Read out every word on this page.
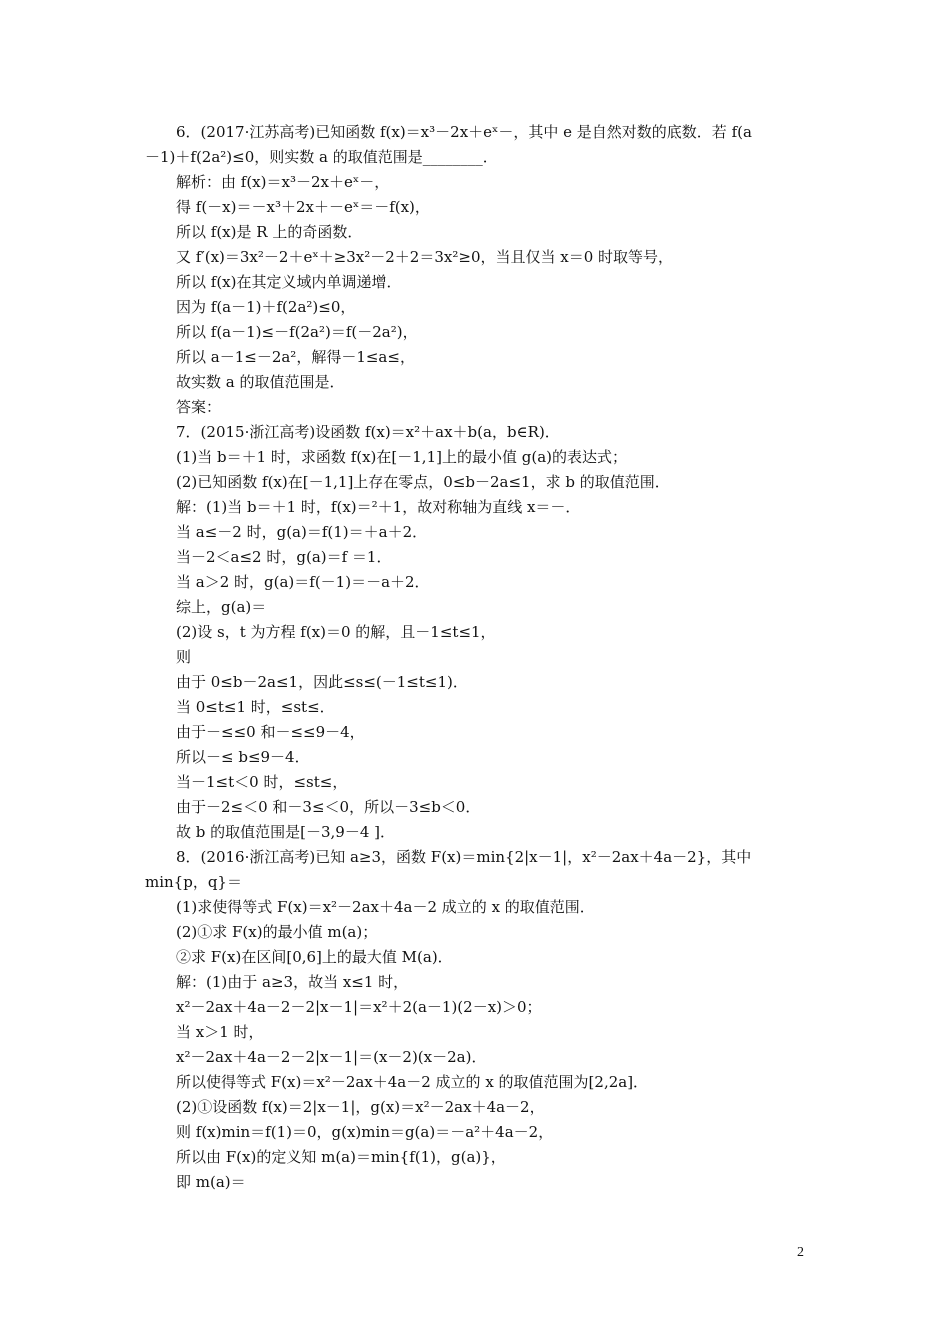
6．(2017·江苏高考)已知函数 f(x)＝x³－2x＋eˣ－，其中 e 是自然对数的底数．若 f(a
－1)＋f(2a²)≤0，则实数 a 的取值范围是________．
解析：由 f(x)＝x³－2x＋eˣ－，
得 f(－x)＝－x³＋2x＋－eˣ＝－f(x)，
所以 f(x)是 R 上的奇函数．
又 f′(x)＝3x²－2＋eˣ＋≥3x²－2＋2＝3x²≥0，当且仅当 x＝0 时取等号，
所以 f(x)在其定义域内单调递增．
因为 f(a－1)＋f(2a²)≤0，
所以 f(a－1)≤－f(2a²)＝f(－2a²)，
所以 a－1≤－2a²，解得－1≤a≤，
故实数 a 的取值范围是．
答案：
7．(2015·浙江高考)设函数 f(x)＝x²＋ax＋b(a，b∈R)．
(1)当 b＝＋1 时，求函数 f(x)在[－1,1]上的最小值 g(a)的表达式；
(2)已知函数 f(x)在[－1,1]上存在零点，0≤b－2a≤1，求 b 的取值范围．
解：(1)当 b＝＋1 时，f(x)＝²＋1，故对称轴为直线 x＝－．
当 a≤－2 时，g(a)＝f(1)＝＋a＋2．
当－2＜a≤2 时，g(a)＝f ＝1．
当 a＞2 时，g(a)＝f(－1)＝－a＋2．
综上，g(a)＝
(2)设 s，t 为方程 f(x)＝0 的解，且－1≤t≤1，
则
由于 0≤b－2a≤1，因此≤s≤(－1≤t≤1)．
当 0≤t≤1 时，≤st≤．
由于－≤≤0 和－≤≤9－4，
所以－≤ b≤9－4．
当－1≤t＜0 时，≤st≤，
由于－2≤＜0 和－3≤＜0，所以－3≤b＜0．
故 b 的取值范围是[－3,9－4 ]．
8．(2016·浙江高考)已知 a≥3，函数 F(x)＝min{2|x－1|，x²－2ax＋4a－2}，其中
min{p，q}＝
(1)求使得等式 F(x)＝x²－2ax＋4a－2 成立的 x 的取值范围．
(2)①求 F(x)的最小值 m(a)；
②求 F(x)在区间[0,6]上的最大值 M(a)．
解：(1)由于 a≥3，故当 x≤1 时，
x²－2ax＋4a－2－2|x－1|＝x²＋2(a－1)(2－x)＞0；
当 x＞1 时，
x²－2ax＋4a－2－2|x－1|＝(x－2)(x－2a)．
所以使得等式 F(x)＝x²－2ax＋4a－2 成立的 x 的取值范围为[2,2a]．
(2)①设函数 f(x)＝2|x－1|，g(x)＝x²－2ax＋4a－2，
则 f(x)min＝f(1)＝0，g(x)min＝g(a)＝－a²＋4a－2，
所以由 F(x)的定义知 m(a)＝min{f(1)，g(a)}，
即 m(a)＝
2
